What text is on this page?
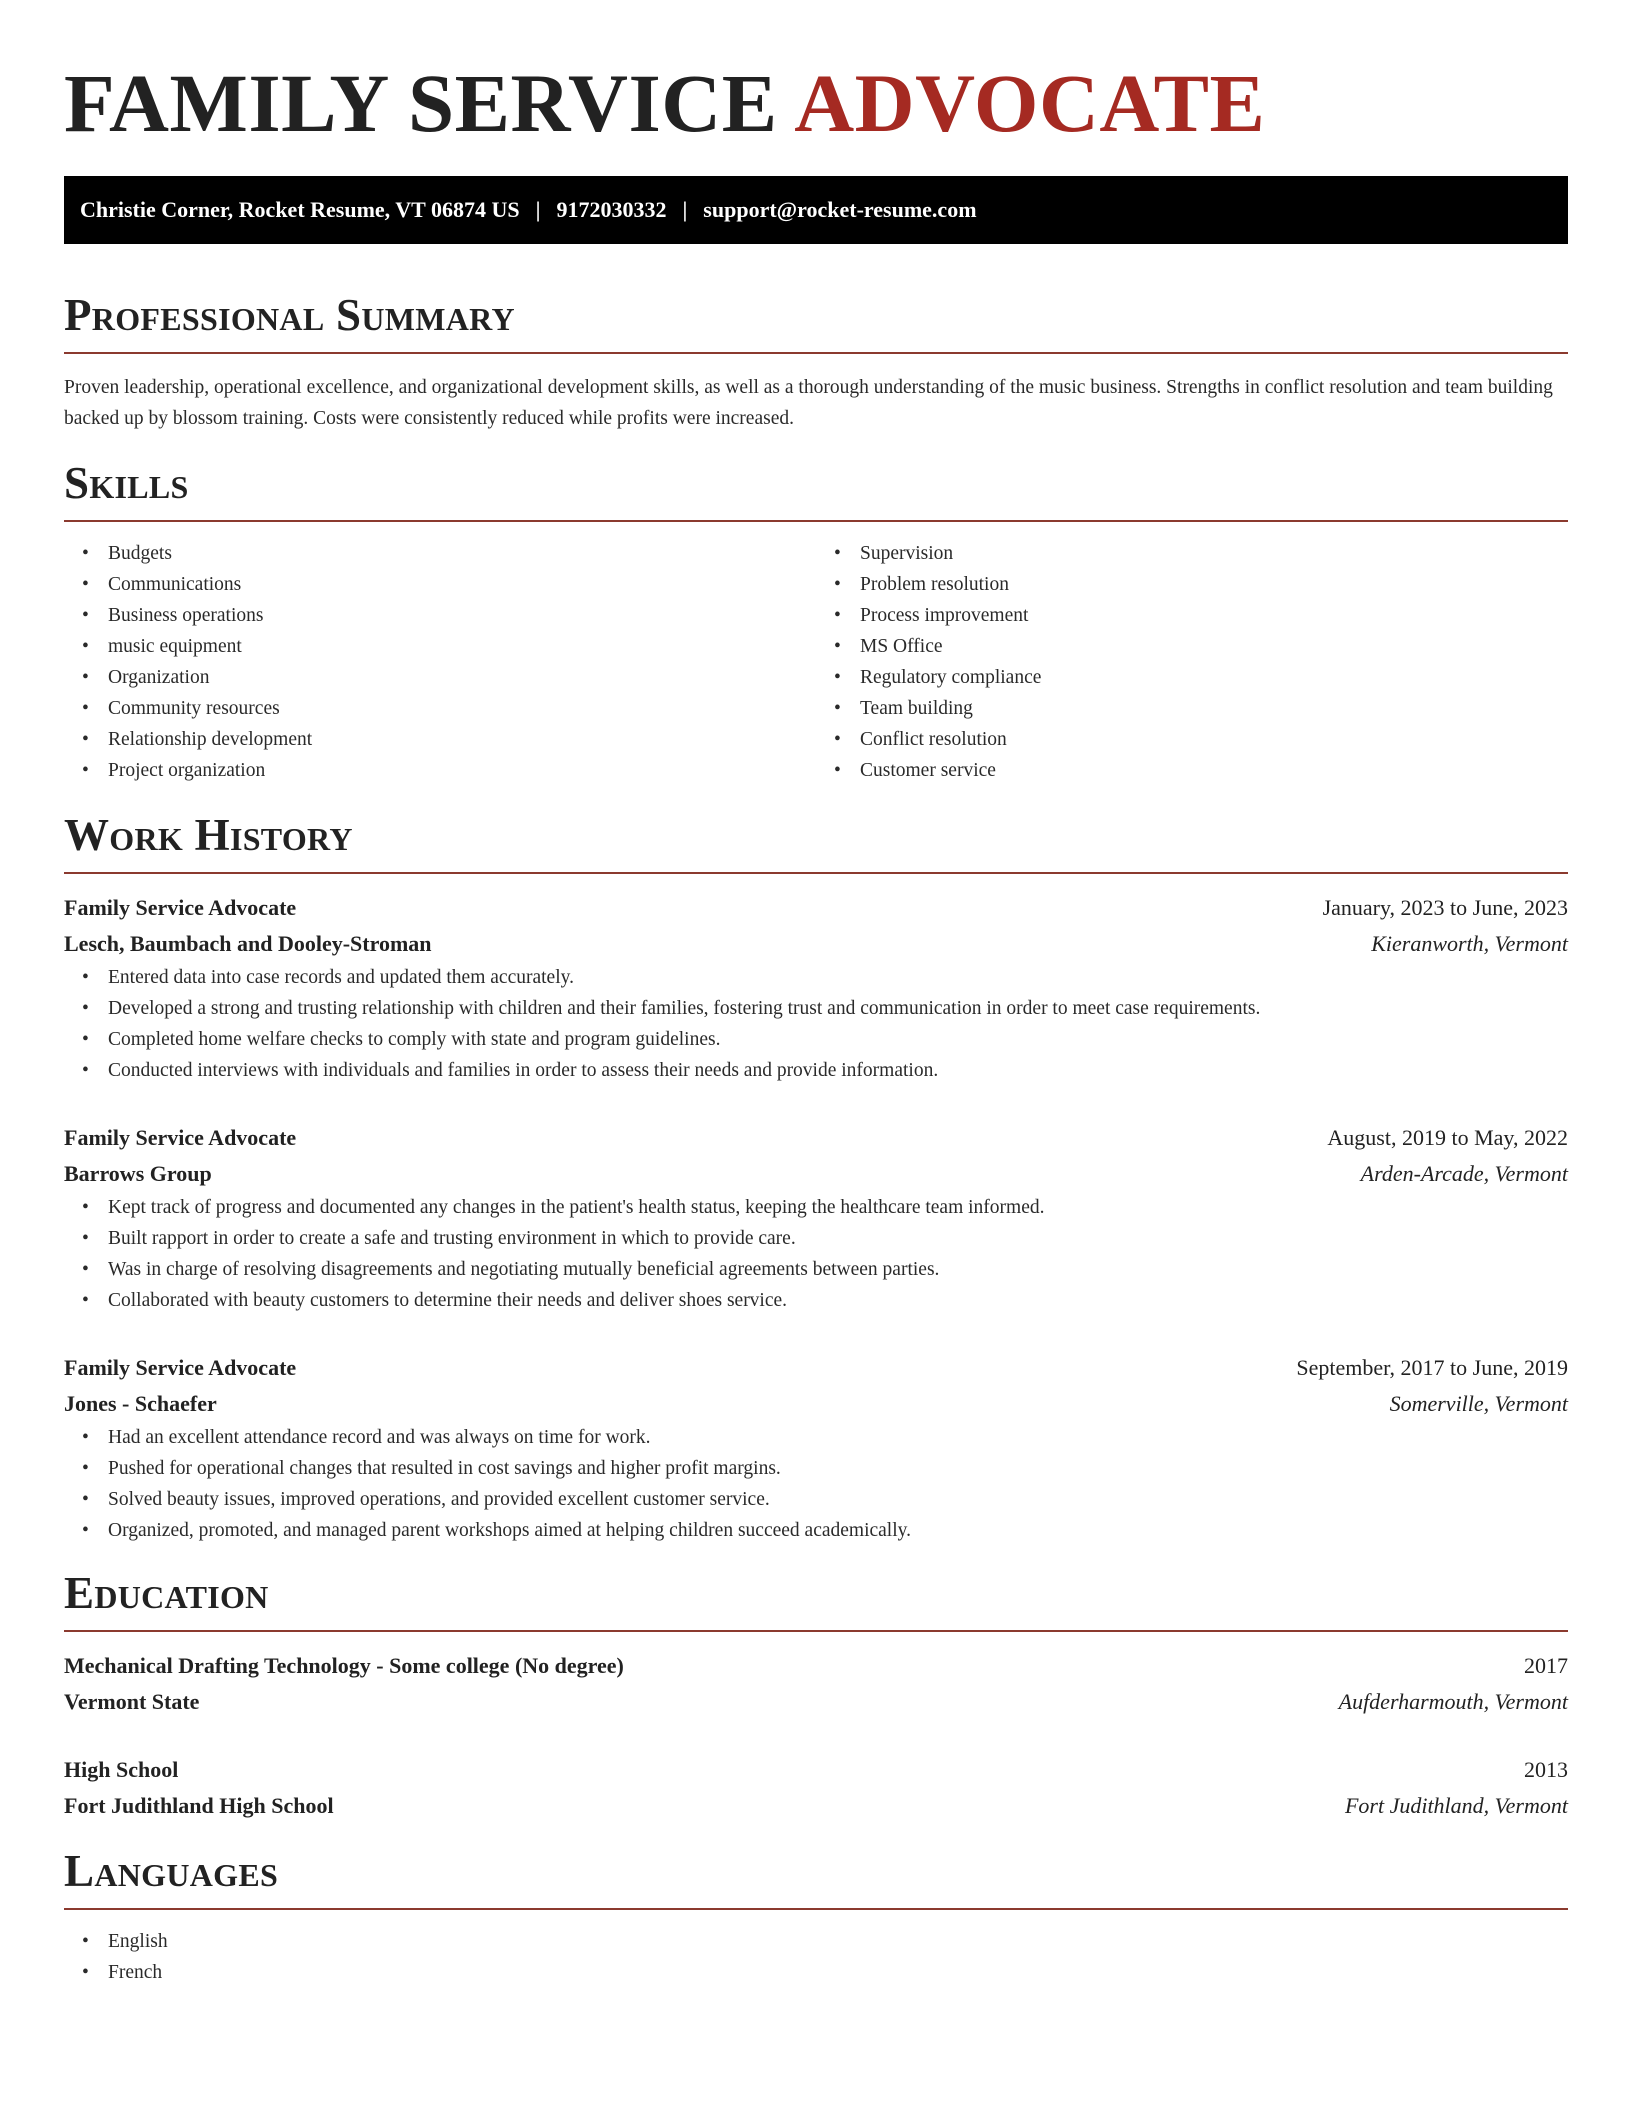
FAMILY SERVICE ADVOCATE
Christie Corner, Rocket Resume, VT 06874 US | 9172030332 | support@rocket-resume.com
Professional Summary

Proven leadership, operational excellence, and organizational development skills, as well as a thorough understanding of the music business. Strengths in conflict resolution and team building backed up by blossom training. Costs were consistently reduced while profits were increased.

Skills
• Budgets
• Communications
• Business operations
• music equipment
• Organization
• Community resources
• Relationship development
• Project organization
• Supervision
• Problem resolution
• Process improvement
• MS Office
• Regulatory compliance
• Team building
• Conflict resolution
• Customer service
Work History
Family Service Advocate	January, 2023 to June, 2023
Lesch, Baumbach and Dooley-Stroman	Kieranworth, Vermont
• Entered data into case records and updated them accurately.
• Developed a strong and trusting relationship with children and their families, fostering trust and communication in order to meet case requirements.
• Completed home welfare checks to comply with state and program guidelines.
• Conducted interviews with individuals and families in order to assess their needs and provide information.
Family Service Advocate	August, 2019 to May, 2022
Barrows Group	Arden-Arcade, Vermont
• Kept track of progress and documented any changes in the patient's health status, keeping the healthcare team informed.
• Built rapport in order to create a safe and trusting environment in which to provide care.
• Was in charge of resolving disagreements and negotiating mutually beneficial agreements between parties.
• Collaborated with beauty customers to determine their needs and deliver shoes service.
Family Service Advocate	September, 2017 to June, 2019
Jones - Schaefer	Somerville, Vermont
• Had an excellent attendance record and was always on time for work.
• Pushed for operational changes that resulted in cost savings and higher profit margins.
• Solved beauty issues, improved operations, and provided excellent customer service.
• Organized, promoted, and managed parent workshops aimed at helping children succeed academically.
Education
Mechanical Drafting Technology - Some college (No degree)	2017
Vermont State	Aufderharmouth, Vermont
High School	2013
Fort Judithland High School	Fort Judithland, Vermont
Languages
• English
• French
